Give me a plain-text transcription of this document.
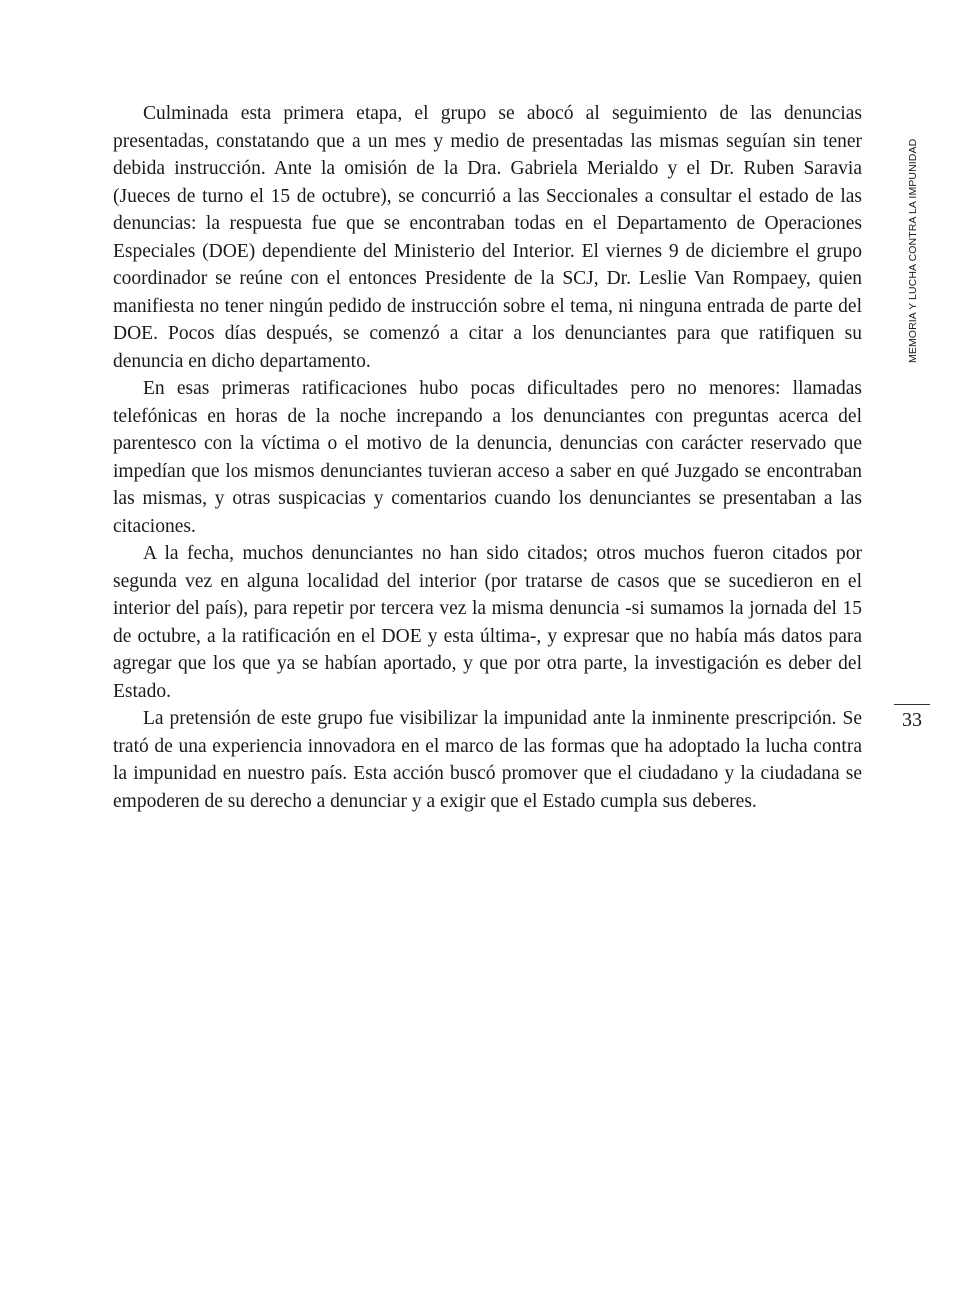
Culminada esta primera etapa, el grupo se abocó al seguimiento de las denuncias presentadas, constatando que a un mes y medio de presentadas las mismas seguían sin tener debida instrucción. Ante la omisión de la Dra. Gabriela Merialdo y el Dr. Ruben Saravia (Jueces de turno el 15 de octubre), se concurrió a las Seccionales a consultar el estado de las denuncias: la respuesta fue que se encontraban todas en el Departamento de Operaciones Especiales (DOE) dependiente del Ministerio del Interior. El viernes 9 de diciembre el grupo coordinador se reúne con el entonces Presidente de la SCJ, Dr. Leslie Van Rompaey, quien manifiesta no tener ningún pedido de instrucción sobre el tema, ni ninguna entrada de parte del DOE. Pocos días después, se comenzó a citar a los denunciantes para que ratifiquen su denuncia en dicho departamento.

En esas primeras ratificaciones hubo pocas dificultades pero no menores: llamadas telefónicas en horas de la noche increpando a los denunciantes con preguntas acerca del parentesco con la víctima o el motivo de la denuncia, denuncias con carácter reservado que impedían que los mismos denunciantes tuvieran acceso a saber en qué Juzgado se encontraban las mismas, y otras suspicacias y comentarios cuando los denunciantes se presentaban a las citaciones.

A la fecha, muchos denunciantes no han sido citados; otros muchos fueron citados por segunda vez en alguna localidad del interior (por tratarse de casos que se sucedieron en el interior del país), para repetir por tercera vez la misma denuncia -si sumamos la jornada del 15 de octubre, a la ratificación en el DOE y esta última-, y expresar que no había más datos para agregar que los que ya se habían aportado, y que por otra parte, la investigación es deber del Estado.

La pretensión de este grupo fue visibilizar la impunidad ante la inminente prescripción. Se trató de una experiencia innovadora en el marco de las formas que ha adoptado la lucha contra la impunidad en nuestro país. Esta acción buscó promover que el ciudadano y la ciudadana se empoderen de su derecho a denunciar y a exigir que el Estado cumpla sus deberes.

MEMORIA Y LUCHA CONTRA LA IMPUNIDAD
33
